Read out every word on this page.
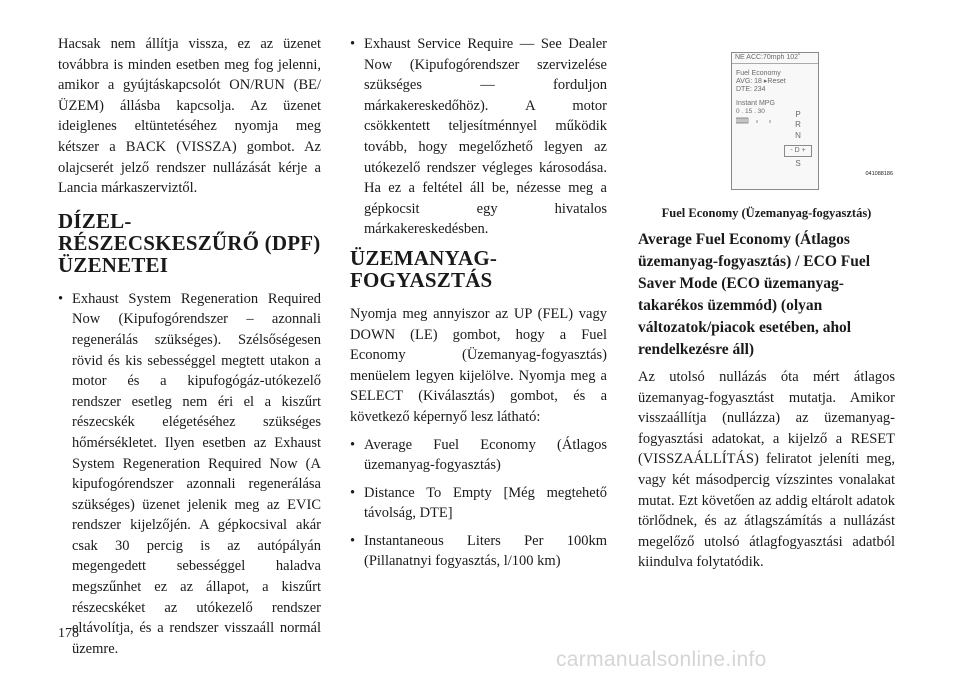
Hacsak nem állítja vissza, ez az üzenet továbbra is minden esetben meg fog jelenni, amikor a gyújtáskapcsolót ON/RUN (BE/ÜZEM) állásba kapcsolja. Az üzenet ideiglenes eltüntetéséhez nyomja meg kétszer a BACK (VISSZA) gombot. Az olajcserét jelző rendszer nullázását kérje a Lancia márkaszerviztől.

DÍZEL-RÉSZECSKESZŰRŐ (DPF) ÜZENETEI
• Exhaust System Regeneration Required Now (Kipufogórendszer – azonnali regenerálás szükséges). Szélsőségesen rövid és kis sebességgel megtett utakon a motor és a kipufogógáz-utókezelő rendszer esetleg nem éri el a kiszűrt részecskék elégetéséhez szükséges hőmérsékletet. Ilyen esetben az Exhaust System Regeneration Required Now (A kipufogórendszer azonnali regenerálása szükséges) üzenet jelenik meg az EVIC rendszer kijelzőjén. A gépkocsival akár csak 30 percig is az autópályán megengedett sebességgel haladva megszűnhet ez az állapot, a kiszűrt részecskéket az utókezelő rendszer eltávolítja, és a rendszer visszaáll normál üzemre.
• Exhaust Service Require — See Dealer Now (Kipufogórendszer szervizelése szükséges — forduljon márkakereskedőhöz). A motor csökkentett teljesítménnyel működik tovább, hogy megelőzhető legyen az utókezelő rendszer végleges károsodása. Ha ez a feltétel áll be, nézesse meg a gépkocsit egy hivatalos márkakereskedésben.
ÜZEMANYAG-FOGYASZTÁS

Nyomja meg annyiszor az UP (FEL) vagy DOWN (LE) gombot, hogy a Fuel Economy (Üzemanyag-fogyasztás) menüelem legyen kijelölve. Nyomja meg a SELECT (Kiválasztás) gombot, és a következő képernyő lesz látható:

• Average Fuel Economy (Átlagos üzemanyag-fogyasztás)
• Distance To Empty [Még megtehető távolság, DTE]
• Instantaneous Liters Per 100km (Pillanatnyi fogyasztás, l/100 km)
NE ACC:70mph 102˚
Fuel Economy
AVG: 18 ▸Reset
DTE: 234
Instant MPG
0 . 15 . 30	P
R
N
- D +
S
041088186
Fuel Economy (Üzemanyag-fogyasztás)
Average Fuel Economy (Átlagos üzemanyag-fogyasztás) / ECO Fuel Saver Mode (ECO üzemanyag-takarékos üzemmód) (olyan változatok/piacok esetében, ahol rendelkezésre áll)

Az utolsó nullázás óta mért átlagos üzemanyag-fogyasztást mutatja. Amikor visszaállítja (nullázza) az üzemanyag-fogyasztási adatokat, a kijelző a RESET (VISSZAÁLLÍTÁS) feliratot jeleníti meg, vagy két másodpercig vízszintes vonalakat mutat. Ezt követően az addig eltárolt adatok törlődnek, és az átlagszámítás a nullázást megelőző utolsó átlagfogyasztási adatból kiindulva folytatódik.

178
carmanualsonline.info
